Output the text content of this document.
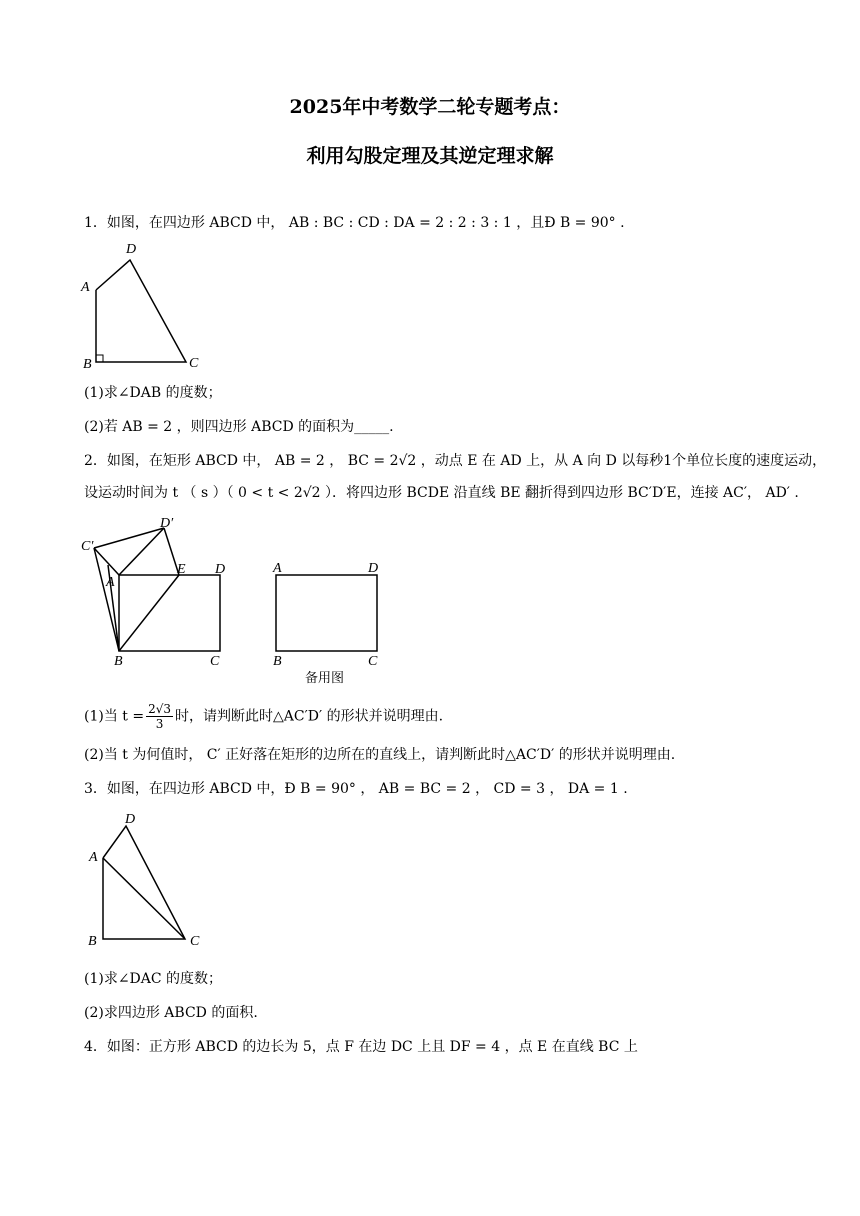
2025年中考数学二轮专题考点：
利用勾股定理及其逆定理求解
1．如图，在四边形 ABCD 中， AB : BC : CD : DA = 2 : 2 : 3 : 1 ，且Ð B = 90° .
A
D
B	C
(1)求∠DAB 的度数；
(2)若 AB = 2 ，则四边形 ABCD 的面积为_____.
2．如图，在矩形 ABCD 中， AB = 2 ， BC = 2√2 ，动点 E 在 AD 上，从 A 向 D 以每秒1个单位长度的速度运动，
设运动时间为 t （ s ）（ 0 < t < 2√2 ）．将四边形 BCDE 沿直线 BE 翻折得到四边形 BC′D′E，连接 AC′， AD′ .
C′
D′
A
E D
B	C
A	D
B	C
备用图
(1)当 $t = \frac{2√3}{3}$ 时，请判断此时△AC′D′ 的形状并说明理由.
(2)当 t 为何值时， C′ 正好落在矩形的边所在的直线上，请判断此时△AC′D′ 的形状并说明理由.
3．如图，在四边形 ABCD 中，Ð B = 90° ， AB = BC = 2 ， CD = 3 ， DA = 1 .
A
D
B	C
(1)求∠DAC 的度数；
(2)求四边形 ABCD 的面积.
4．如图：正方形 ABCD 的边长为 5，点 F 在边 DC 上且 DF = 4 ，点 E 在直线 BC 上
